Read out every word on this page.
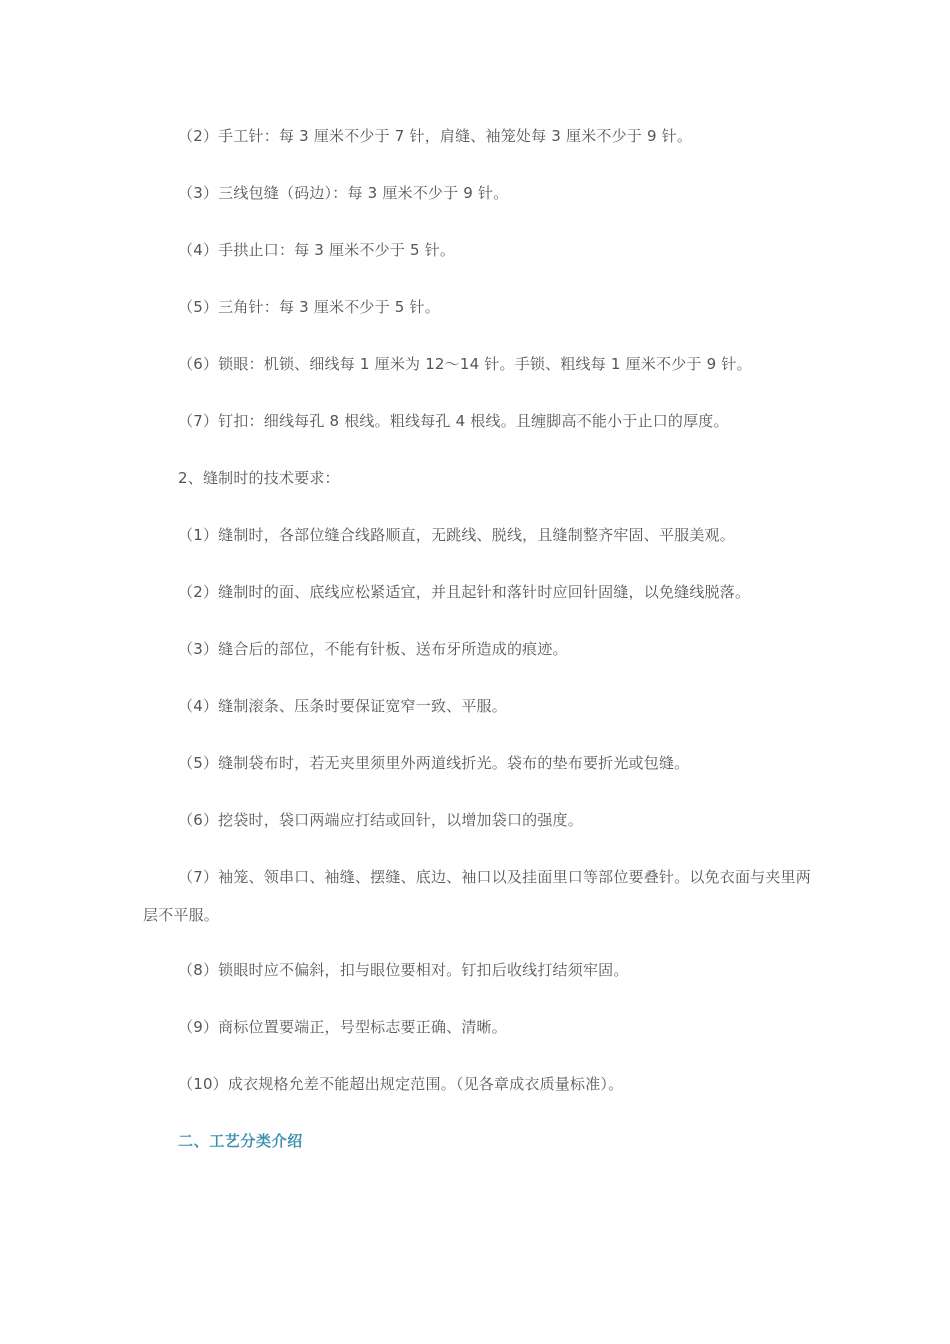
（2）手工针：每 3 厘米不少于 7 针，肩缝、袖笼处每 3 厘米不少于 9 针。
（3）三线包缝（码边）：每 3 厘米不少于 9 针。
（4）手拱止口：每 3 厘米不少于 5 针。
（5）三角针：每 3 厘米不少于 5 针。
（6）锁眼：机锁、细线每 1 厘米为 12～14 针。手锁、粗线每 1 厘米不少于 9 针。
（7）钉扣：细线每孔 8 根线。粗线每孔 4 根线。且缠脚高不能小于止口的厚度。
2、缝制时的技术要求：
（1）缝制时，各部位缝合线路顺直，无跳线、脱线，且缝制整齐牢固、平服美观。
（2）缝制时的面、底线应松紧适宜，并且起针和落针时应回针固缝，以免缝线脱落。
（3）缝合后的部位，不能有针板、送布牙所造成的痕迹。
（4）缝制滚条、压条时要保证宽窄一致、平服。
（5）缝制袋布时，若无夹里须里外两道线折光。袋布的垫布要折光或包缝。
（6）挖袋时，袋口两端应打结或回针，以增加袋口的强度。
（7）袖笼、领串口、袖缝、摆缝、底边、袖口以及挂面里口等部位要叠针。以免衣面与夹里两层不平服。
（8）锁眼时应不偏斜，扣与眼位要相对。钉扣后收线打结须牢固。
（9）商标位置要端正，号型标志要正确、清晰。
（10）成衣规格允差不能超出规定范围。（见各章成衣质量标准）。
二、工艺分类介绍
